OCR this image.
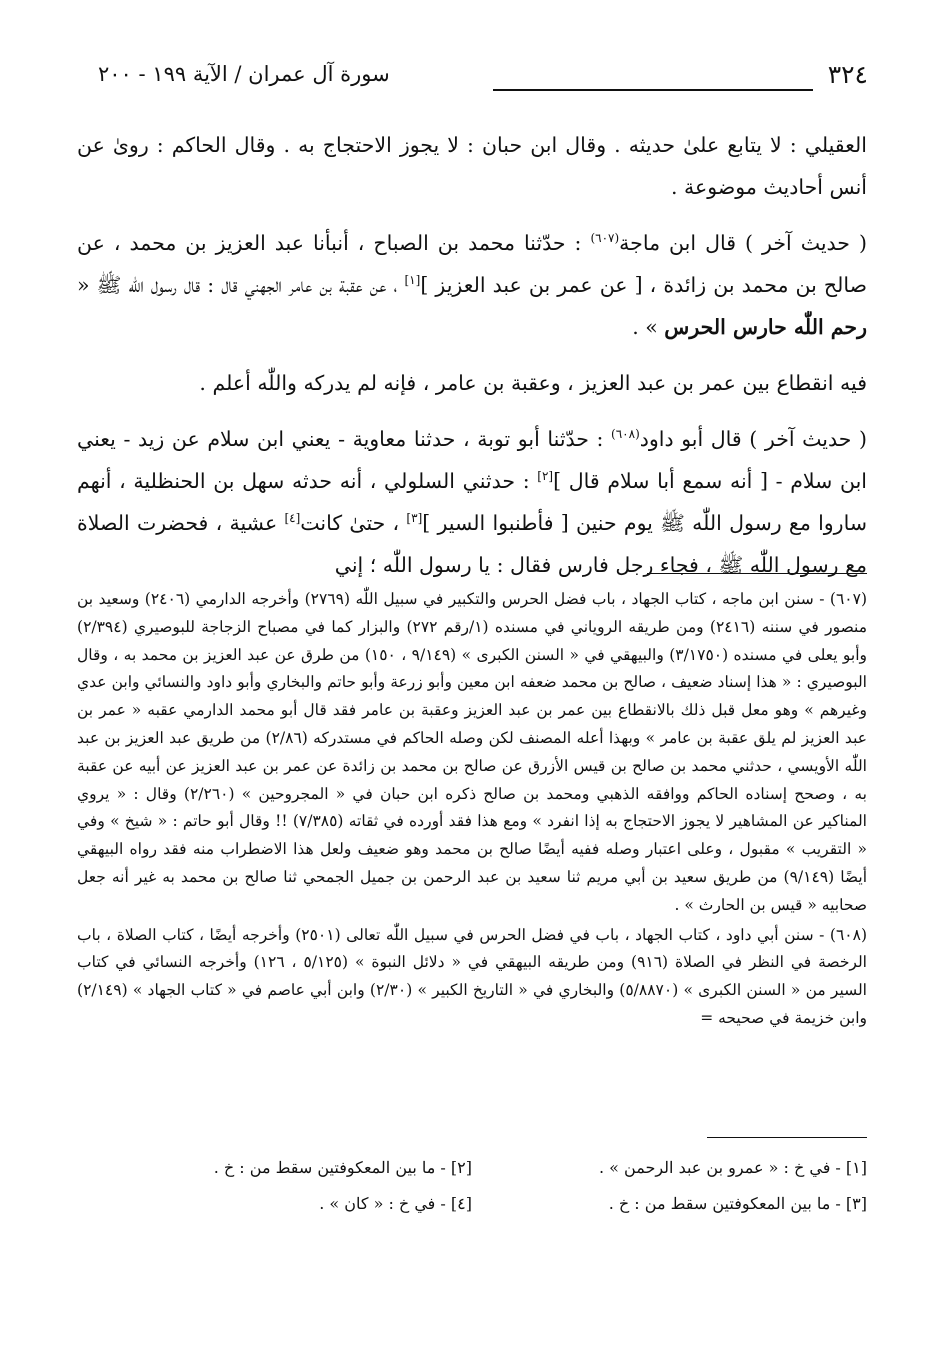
٣٢٤
سورة آل عمران / الآية ١٩٩ - ٢٠٠

العقيلي : لا يتابع علىٰ حديثه . وقال ابن حبان : لا يجوز الاحتجاج به . وقال الحاكم : روىٰ عن أنس أحاديث موضوعة .

( حديث آخر ) قال ابن ماجة$^{(٦٠٧)}$ : حدّثنا محمد بن الصباح ، أنبأنا عبد العزيز بن محمد ، عن صالح بن محمد بن زائدة ، [ عن عمر بن عبد العزيز ][١] ، عن عقبة بن عامر الجهني قال : قال رسول اللّٰه ﷺ « رحم اللّٰه حارس الحرس » .

فيه انقطاع بين عمر بن عبد العزيز ، وعقبة بن عامر ، فإنه لم يدركه واللّٰه أعلم .

( حديث آخر ) قال أبو داود$^{(٦٠٨)}$ : حدّثنا أبو توبة ، حدثنا معاوية - يعني ابن سلام عن زيد - يعني ابن سلام - [ أنه سمع أبا سلام قال ][٢] : حدثني السلولي ، أنه حدثه سهل بن الحنظلية ، أنهم ساروا مع رسول اللّٰه ﷺ يوم حنين [ فأطنبوا السير ][٣] ، حتىٰ كانت[٤] عشية ، فحضرت الصلاة مع رسول اللّٰه ﷺ ، فجاء رجل فارس فقال : يا رسول اللّٰه ؛ إني

(٦٠٧) - سنن ابن ماجه ، كتاب الجهاد ، باب فضل الحرس والتكبير في سبيل اللّٰه (٢٧٦٩) وأخرجه الدارمي (٢٤٠٦) وسعيد بن منصور في سننه (٢٤١٦) ومن طريقه الروياني في مسنده (١/رقم ٢٧٢) والبزار كما في مصباح الزجاجة للبوصيري (٢/٣٩٤) وأبو يعلى في مسنده (٣/١٧٥٠) والبيهقي في « السنن الكبرى » (٩/١٤٩ ، ١٥٠) من طرق عن عبد العزيز بن محمد به ، وقال البوصيري : « هذا إسناد ضعيف ، صالح بن محمد ضعفه ابن معين وأبو زرعة وأبو حاتم والبخاري وأبو داود والنسائي وابن عدي وغيرهم » وهو معل قبل ذلك بالانقطاع بين عمر بن عبد العزيز وعقبة بن عامر فقد قال أبو محمد الدارمي عقبه « عمر بن عبد العزيز لم يلق عقبة بن عامر » وبهذا أعله المصنف لكن وصله الحاكم في مستدركه (٢/٨٦) من طريق عبد العزيز بن عبد اللّٰه الأويسي ، حدثني محمد بن صالح بن قيس الأزرق عن صالح بن محمد بن زائدة عن عمر بن عبد العزيز عن أبيه عن عقبة به ، وصحح إسناده الحاكم ووافقه الذهبي ومحمد بن صالح ذكره ابن حبان في « المجروحين » (٢/٢٦٠) وقال : « يروي المناكير عن المشاهير لا يجوز الاحتجاج به إذا انفرد » ومع هذا فقد أورده في ثقاته (٧/٣٨٥) !! وقال أبو حاتم : « شيخ » وفي « التقريب » مقبول ، وعلى اعتبار وصله ففيه أيضًا صالح بن محمد وهو ضعيف ولعل هذا الاضطراب منه فقد رواه البيهقي أيضًا (٩/١٤٩) من طريق سعيد بن أبي مريم ثنا سعيد بن عبد الرحمن بن جميل الجمحي ثنا صالح بن محمد به غير أنه جعل صحابيه « قيس بن الحارث » .

(٦٠٨) - سنن أبي داود ، كتاب الجهاد ، باب في فضل الحرس في سبيل اللّٰه تعالى (٢٥٠١) وأخرجه أيضًا ، كتاب الصلاة ، باب الرخصة في النظر في الصلاة (٩١٦) ومن طريقه البيهقي في « دلائل النبوة » (٥/١٢٥ ، ١٢٦) وأخرجه النسائي في كتاب السير من « السنن الكبرى » (٥/٨٨٧٠) والبخاري في « التاريخ الكبير » (٢/٣٠) وابن أبي عاصم في « كتاب الجهاد » (٢/١٤٩) وابن خزيمة في صحيحه =

[١] - في خ : « عمرو بن عبد الرحمن » .
[٢] - ما بين المعكوفتين سقط من : خ .
[٣] - ما بين المعكوفتين سقط من : خ .
[٤] - في خ : « كان » .
